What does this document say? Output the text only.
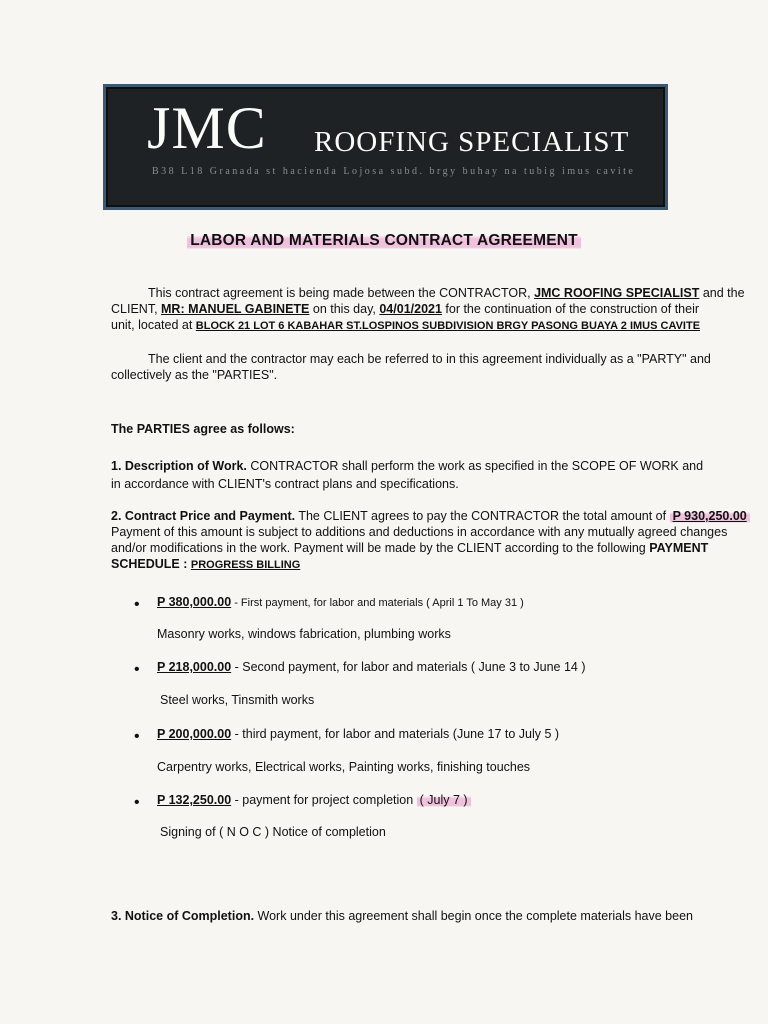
JMC ROOFING SPECIALIST
B38 L18 Granada st hacienda Lojosa subd. brgy buhay na tubig imus cavite
LABOR AND MATERIALS CONTRACT AGREEMENT
This contract agreement is being made between the CONTRACTOR, JMC ROOFING SPECIALIST and the
CLIENT, MR: MANUEL GABINETE on this day, 04/01/2021 for the continuation of the construction of their
unit, located at BLOCK 21 LOT 6 KABAHAR ST.LOSPINOS SUBDIVISION BRGY PASONG BUAYA 2 IMUS CAVITE
The client and the contractor may each be referred to in this agreement individually as a "PARTY" and
collectively as the "PARTIES".
The PARTIES agree as follows:
1. Description of Work. CONTRACTOR shall perform the work as specified in the SCOPE OF WORK and
in accordance with CLIENT's contract plans and specifications.
2. Contract Price and Payment. The CLIENT agrees to pay the CONTRACTOR the total amount of P 930,250.00
Payment of this amount is subject to additions and deductions in accordance with any mutually agreed changes
and/or modifications in the work. Payment will be made by the CLIENT according to the following PAYMENT
SCHEDULE : PROGRESS BILLING
• P 380,000.00 - First payment, for labor and materials ( April 1 To May 31 )
Masonry works, windows fabrication, plumbing works
• P 218,000.00 - Second payment, for labor and materials ( June 3 to June 14 )
Steel works, Tinsmith works
• P 200,000.00 - third payment, for labor and materials (June 17 to July 5 )
Carpentry works, Electrical works, Painting works, finishing touches
• P 132,250.00 - payment for project completion ( July 7 )
Signing of ( N O C ) Notice of completion
3. Notice of Completion. Work under this agreement shall begin once the complete materials have been
